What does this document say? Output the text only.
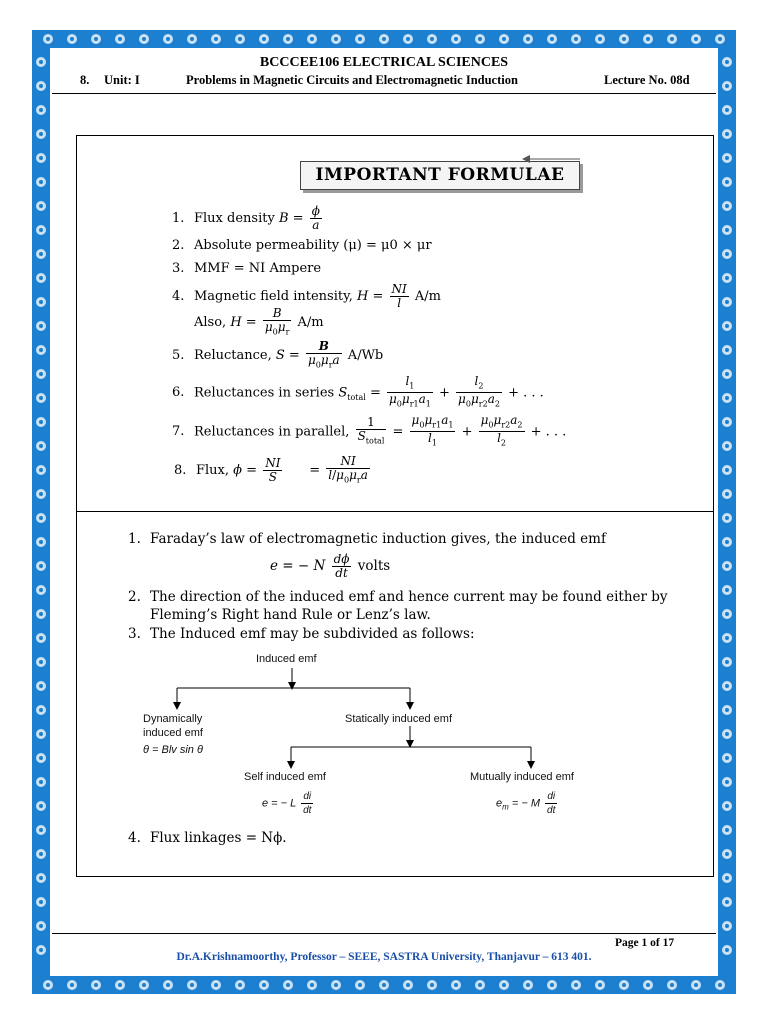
BCCCEE106 ELECTRICAL SCIENCES
8. Unit: I	Problems in Magnetic Circuits and Electromagnetic Induction	Lecture No. 08d
IMPORTANT FORMULAE
1. Flux density $B = \frac{\phi}{a}$
2. Absolute permeability (μ) = μ0 × μr
3. MMF = NI Ampere
4. Magnetic field intensity, $H = \frac{NI}{l} A/m$
Also, $H = \frac{B}{\mu_0\mu_r} A/m$
5. Reluctance, $S = \frac{B}{\mu_0\mu_ra} A/Wb$
6. Reluctances in series $S_{total} = \frac{l_1}{\mu_0\mu_{r1}a_1} + \frac{l_2}{\mu_0\mu_{r2}a_2}$ + . . .
7. Reluctances in parallel, $\frac{1}{S_{total}} = \frac{\mu_0\mu_{r1}a_1}{l_1} + \frac{\mu_0\mu_{r2}a_2}{l_2}$ + . . .
8. Flux, $\phi = \frac{NI}{S} = \frac{NI}{l/\mu_0\mu_ra}$
1. Faraday’s law of electromagnetic induction gives, the induced emf
e = − N $\frac{d\phi}{dt}$ volts
2. The direction of the induced emf and hence current may be found either by
Fleming’s Right hand Rule or Lenz’s law.
3. The Induced emf may be subdivided as follows:
Induced emf
Dynamically
induced emf
θ = Blv sin θ
Statically induced emf
Self induced emf	Mutually induced emf
e = − L $\frac{di}{dt}$	$e_m$ = − M $\frac{di}{dt}$
4. Flux linkages = Nϕ.
Page 1 of 17
Dr.A.Krishnamoorthy, Professor – SEEE, SASTRA University, Thanjavur – 613 401.
